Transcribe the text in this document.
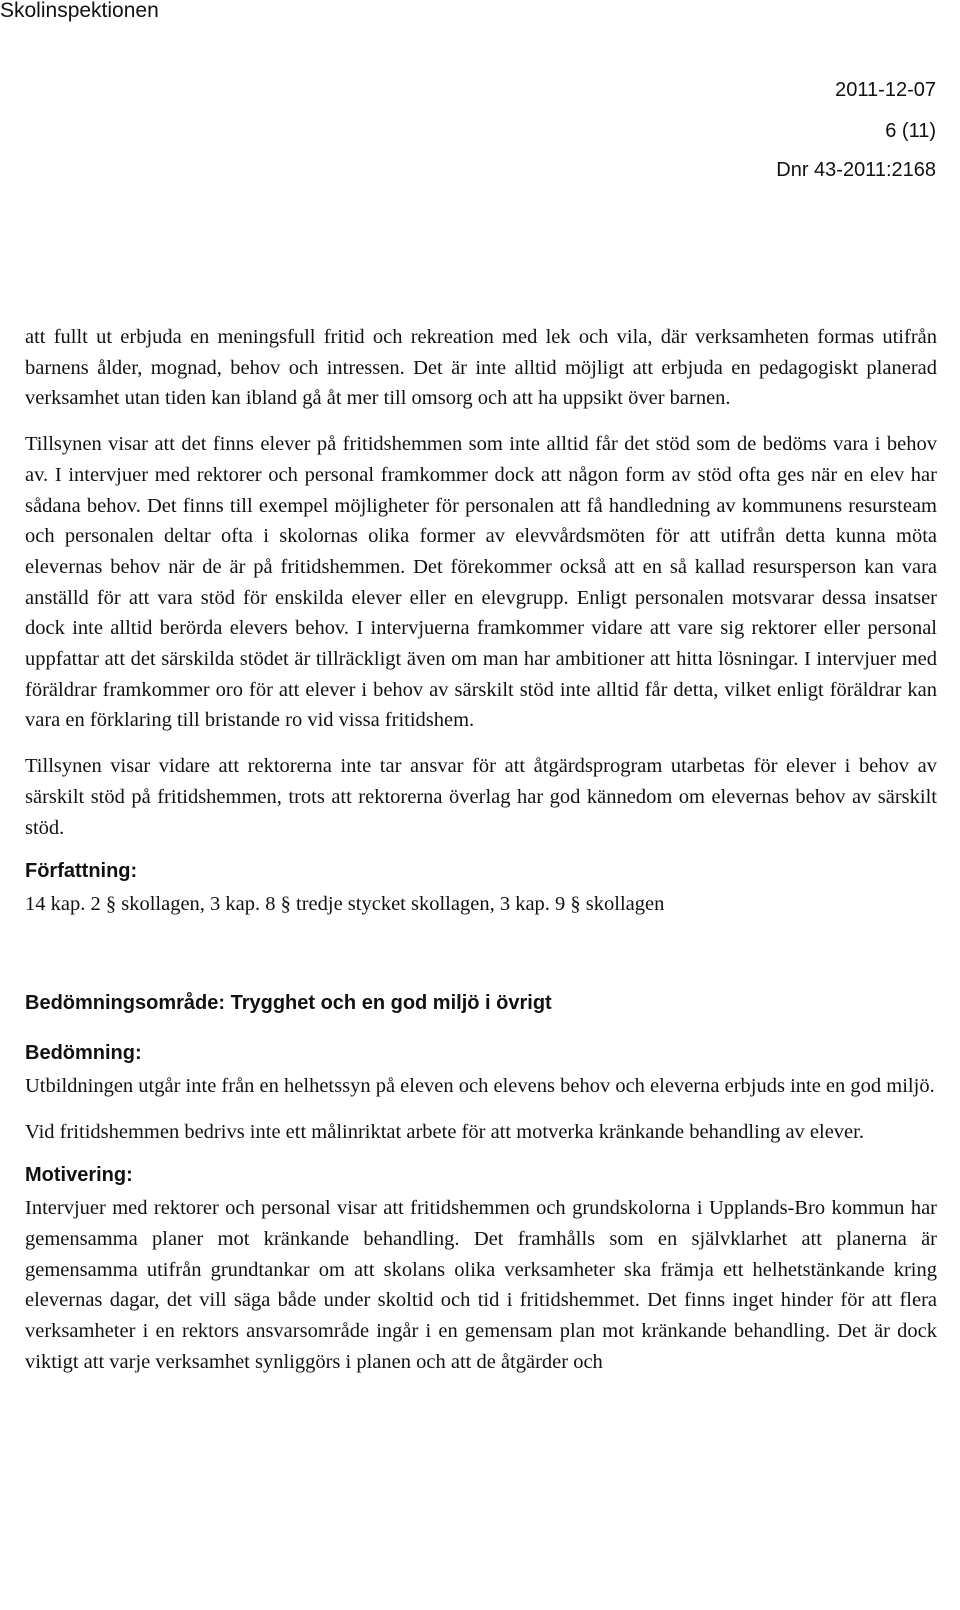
Skolinspektionen
2011-12-07
6 (11)
Dnr 43-2011:2168

att fullt ut erbjuda en meningsfull fritid och rekreation med lek och vila, där verksamheten formas utifrån barnens ålder, mognad, behov och intressen. Det är inte alltid möjligt att erbjuda en pedagogiskt planerad verksamhet utan tiden kan ibland gå åt mer till omsorg och att ha uppsikt över barnen.

Tillsynen visar att det finns elever på fritidshemmen som inte alltid får det stöd som de bedöms vara i behov av. I intervjuer med rektorer och personal framkommer dock att någon form av stöd ofta ges när en elev har sådana behov. Det finns till exempel möjligheter för personalen att få handledning av kommunens resursteam och personalen deltar ofta i skolornas olika former av elevvårdsmöten för att utifrån detta kunna möta elevernas behov när de är på fritidshemmen. Det förekommer också att en så kallad resursperson kan vara anställd för att vara stöd för enskilda elever eller en elevgrupp. Enligt personalen motsvarar dessa insatser dock inte alltid berörda elevers behov. I intervjuerna framkommer vidare att vare sig rektorer eller personal uppfattar att det särskilda stödet är tillräckligt även om man har ambitioner att hitta lösningar. I intervjuer med föräldrar framkommer oro för att elever i behov av särskilt stöd inte alltid får detta, vilket enligt föräldrar kan vara en förklaring till bristande ro vid vissa fritidshem.

Tillsynen visar vidare att rektorerna inte tar ansvar för att åtgärdsprogram utarbetas för elever i behov av särskilt stöd på fritidshemmen, trots att rektorerna överlag har god kännedom om elevernas behov av särskilt stöd.

Författning:

14 kap. 2 § skollagen, 3 kap. 8 § tredje stycket skollagen, 3 kap. 9 § skollagen

Bedömningsområde: Trygghet och en god miljö i övrigt
Bedömning:

Utbildningen utgår inte från en helhetssyn på eleven och elevens behov och eleverna erbjuds inte en god miljö.

Vid fritidshemmen bedrivs inte ett målinriktat arbete för att motverka kränkande behandling av elever.

Motivering:

Intervjuer med rektorer och personal visar att fritidshemmen och grundskolorna i Upplands-Bro kommun har gemensamma planer mot kränkande behandling. Det framhålls som en självklarhet att planerna är gemensamma utifrån grundtankar om att skolans olika verksamheter ska främja ett helhetstänkande kring elevernas dagar, det vill säga både under skoltid och tid i fritidshemmet. Det finns inget hinder för att flera verksamheter i en rektors ansvarsområde ingår i en gemensam plan mot kränkande behandling. Det är dock viktigt att varje verksamhet synliggörs i planen och att de åtgärder och
